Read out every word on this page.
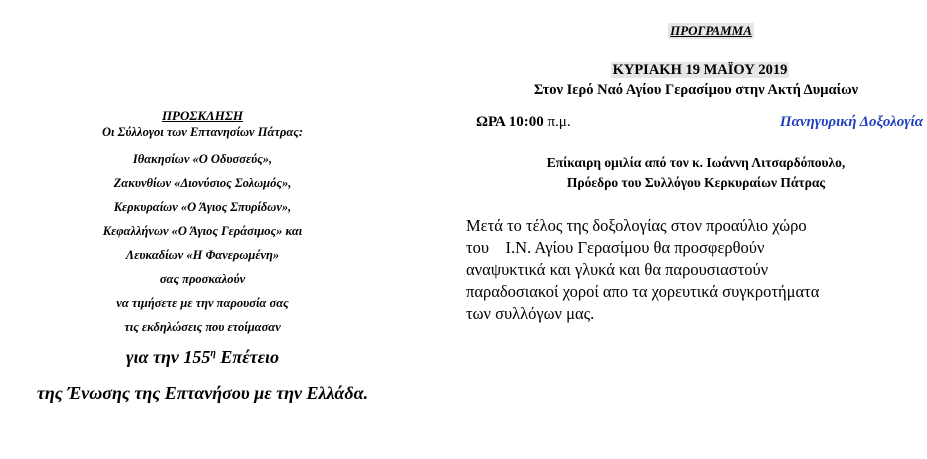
ΠΡΟΣΚΛΗΣΗ
Οι Σύλλογοι των Επτανησίων Πάτρας:
Ιθακησίων «Ο Οδυσσεύς»,
Ζακυνθίων «Διονύσιος Σολωμός»,
Κερκυραίων «Ο Άγιος Σπυρίδων»,
Κεφαλλήνων «Ο Άγιος Γεράσιμος» και
Λευκαδίων «Η Φανερωμένη»
σας προσκαλούν
να τιμήσετε με την παρουσία σας
τις εκδηλώσεις που ετοίμασαν
για την $155^\eta$ Επέτειο
της Ένωσης της Επτανήσου με την Ελλάδα.
ΠΡΟΓΡΑΜΜΑ
ΚΥΡΙΑΚΗ 19 ΜΑΪΟΥ 2019
Στον Ιερό Ναό Αγίου Γερασίμου στην Ακτή Δυμαίων
ΩΡΑ 10:00 π.μ.	Πανηγυρική Δοξολογία
Επίκαιρη ομιλία από τον κ. Ιωάννη Λιτσαρδόπουλο,
Πρόεδρο του Συλλόγου Κερκυραίων Πάτρας
Μετά το τέλος της δοξολογίας στον προαύλιο χώρο
του    Ι.Ν. Αγίου Γερασίμου θα προσφερθούν
αναψυκτικά και γλυκά και θα παρουσιαστούν
παραδοσιακοί χοροί απο τα χορευτικά συγκροτήματα
των συλλόγων μας.
